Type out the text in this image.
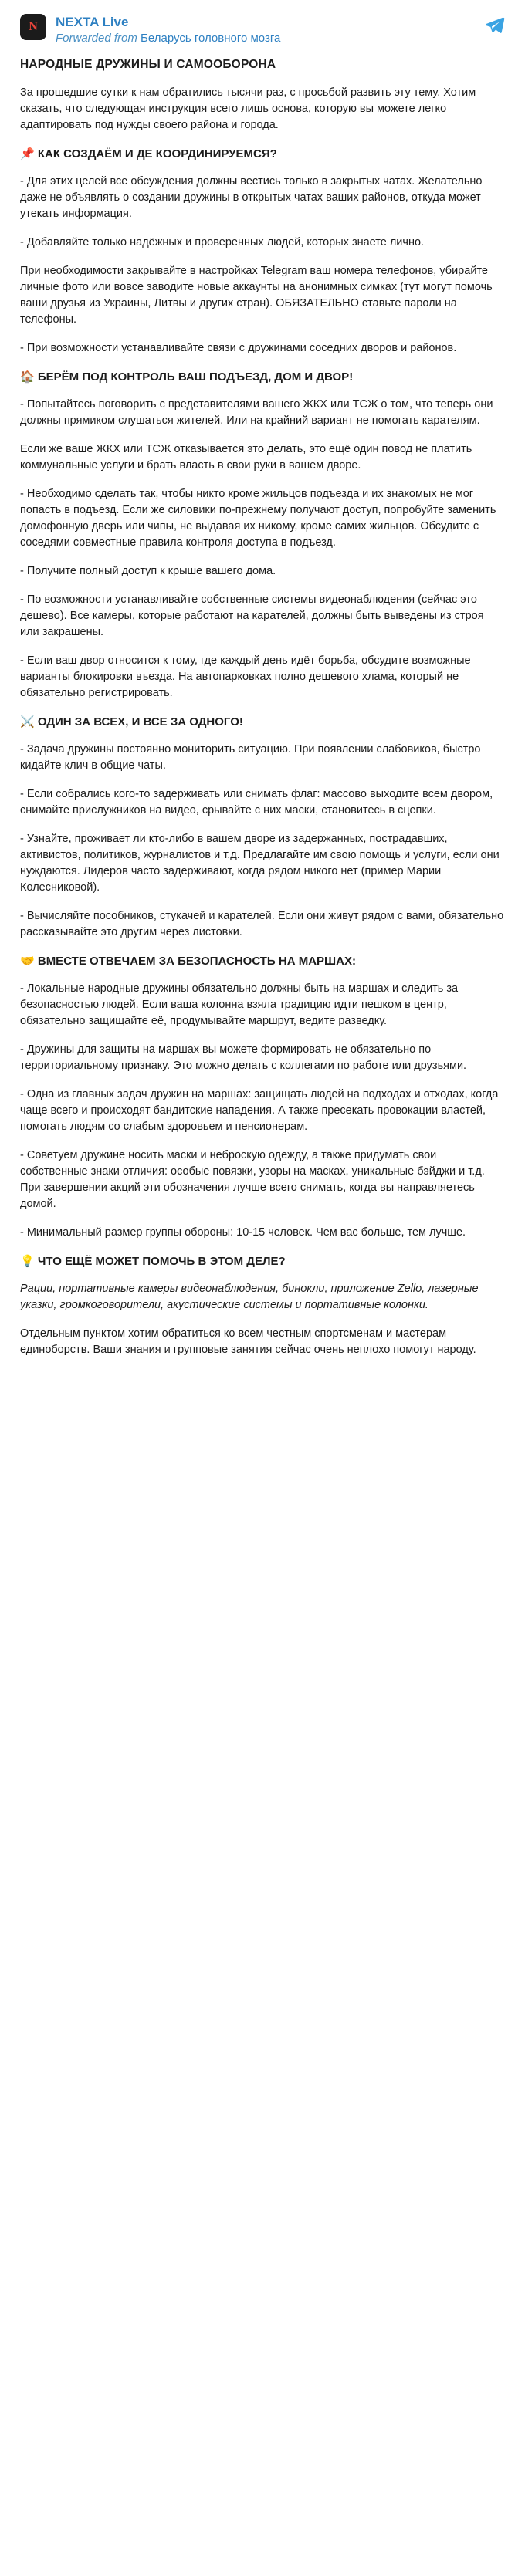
N NEXTA Live
Forwarded from Беларусь головного мозга
НАРОДНЫЕ ДРУЖИНЫ И САМООБОРОНА

За прошедшие сутки к нам обратились тысячи раз, с просьбой развить эту тему. Хотим сказать, что следующая инструкция всего лишь основа, которую вы можете легко адаптировать под нужды своего района и города.

📌 КАК СОЗДАЁМ И ДЕ КООРДИНИРУЕМСЯ?

- Для этих целей все обсуждения должны вестись только в закрытых чатах. Желательно даже не объявлять о создании дружины в открытых чатах ваших районов, откуда может утекать информация.

- Добавляйте только надёжных и проверенных людей, которых знаете лично.

При необходимости закрывайте в настройках Telegram ваш номера телефонов, убирайте личные фото или вовсе заводите новые аккаунты на анонимных симках (тут могут помочь ваши друзья из Украины, Литвы и других стран). ОБЯЗАТЕЛЬНО ставьте пароли на телефоны.

- При возможности устанавливайте связи с дружинами соседних дворов и районов.

🏠 БЕРЁМ ПОД КОНТРОЛЬ ВАШ ПОДЪЕЗД, ДОМ И ДВОР!

- Попытайтесь поговорить с представителями вашего ЖКХ или ТСЖ о том, что теперь они должны прямиком слушаться жителей. Или на крайний вариант не помогать карателям.

Если же ваше ЖКХ или ТСЖ отказывается это делать, это ещё один повод не платить коммунальные услуги и брать власть в свои руки в вашем дворе.

- Необходимо сделать так, чтобы никто кроме жильцов подъезда и их знакомых не мог попасть в подъезд. Если же силовики по-прежнему получают доступ, попробуйте заменить домофонную дверь или чипы, не выдавая их никому, кроме самих жильцов. Обсудите с соседями совместные правила контроля доступа в подъезд.

- Получите полный доступ к крыше вашего дома.

- По возможности устанавливайте собственные системы видеонаблюдения (сейчас это дешево). Все камеры, которые работают на карателей, должны быть выведены из строя или закрашены.

- Если ваш двор относится к тому, где каждый день идёт борьба, обсудите возможные варианты блокировки въезда. На автопарковках полно дешевого хлама, который не обязательно регистрировать.

⚔️ ОДИН ЗА ВСЕХ, И ВСЕ ЗА ОДНОГО!

- Задача дружины постоянно мониторить ситуацию. При появлении слабовиков, быстро кидайте клич в общие чаты.

- Если собрались кого-то задерживать или снимать флаг: массово выходите всем двором, снимайте прислужников на видео, срывайте с них маски, становитесь в сцепки.

- Узнайте, проживает ли кто-либо в вашем дворе из задержанных, пострадавших, активистов, политиков, журналистов и т.д. Предлагайте им свою помощь и услуги, если они нуждаются. Лидеров часто задерживают, когда рядом никого нет (пример Марии Колесниковой).

- Вычисляйте пособников, стукачей и карателей. Если они живут рядом с вами, обязательно рассказывайте это другим через листовки.

🤝 ВМЕСТЕ ОТВЕЧАЕМ ЗА БЕЗОПАСНОСТЬ НА МАРШАХ:

- Локальные народные дружины обязательно должны быть на маршах и следить за безопасностью людей. Если ваша колонна взяла традицию идти пешком в центр, обязательно защищайте её, продумывайте маршрут, ведите разведку.

- Дружины для защиты на маршах вы можете формировать не обязательно по территориальному признаку. Это можно делать с коллегами по работе или друзьями.

- Одна из главных задач дружин на маршах: защищать людей на подходах и отходах, когда чаще всего и происходят бандитские нападения. А также пресекать провокации властей, помогать людям со слабым здоровьем и пенсионерам.

- Советуем дружине носить маски и неброскую одежду, а также придумать свои собственные знаки отличия: особые повязки, узоры на масках, уникальные бэйджи и т.д. При завершении акций эти обозначения лучше всего снимать, когда вы направляетесь домой.

- Минимальный размер группы обороны: 10-15 человек. Чем вас больше, тем лучше.

💡 ЧТО ЕЩЁ МОЖЕТ ПОМОЧЬ В ЭТОМ ДЕЛЕ?

Рации, портативные камеры видеонаблюдения, бинокли, приложение Zello, лазерные указки, громкоговорители, акустические системы и портативные колонки.

Отдельным пунктом хотим обратиться ко всем честным спортсменам и мастерам единоборств. Ваши знания и групповые занятия сейчас очень неплохо помогут народу.
